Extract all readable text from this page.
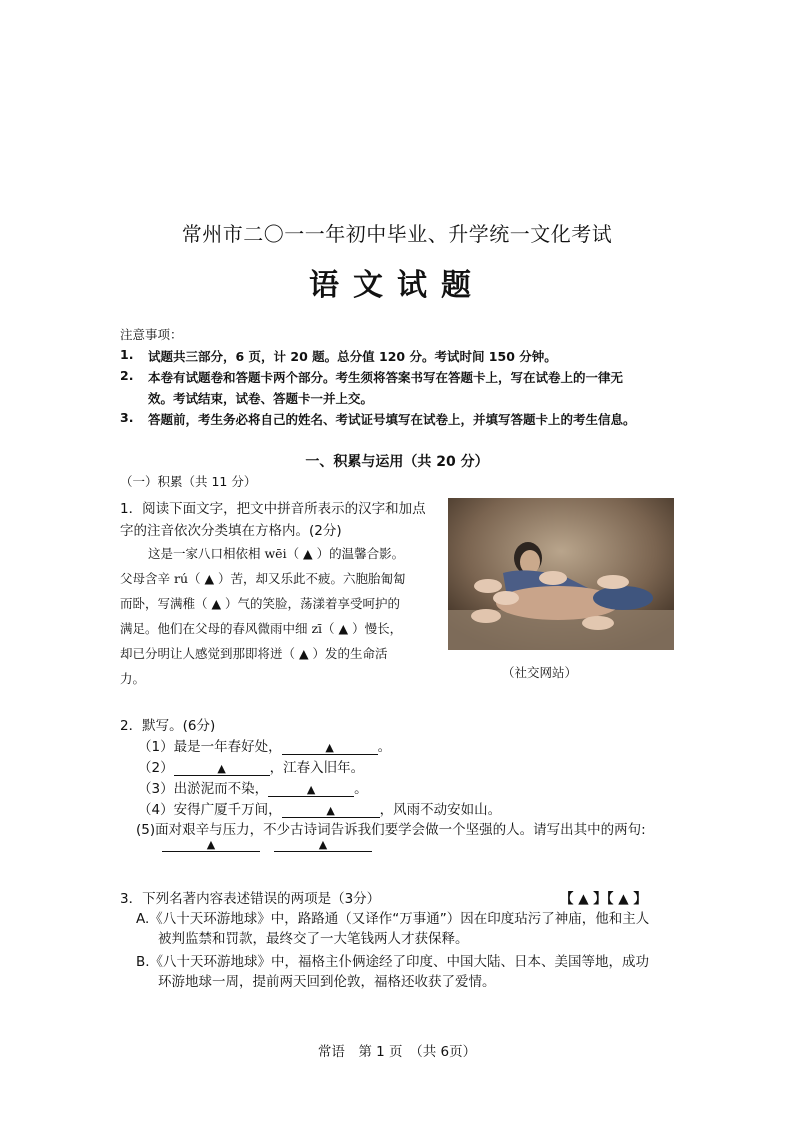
常州市二〇一一年初中毕业、升学统一文化考试
语文试题
注意事项：
1. 试题共三部分，6 页，计 20 题。总分值 120 分。考试时间 150 分钟。
2. 本卷有试题卷和答题卡两个部分。考生须将答案书写在答题卡上，写在试卷上的一律无
效。考试结束，试卷、答题卡一并上交。
3. 答题前，考生务必将自己的姓名、考试证号填写在试卷上，并填写答题卡上的考生信息。
一、积累与运用（共 20 分）
（一）积累（共 11 分）
1．阅读下面文字，把文中拼音所表示的汉字和加点
字的注音依次分类填在方格内。(2分)
这是一家八口相依相 wēi（ ▲ ）的温馨合影。
父母含辛 rú（ ▲ ）苦，却又乐此不疲。六胞胎匍匐
而卧，写满稚（ ▲ ）气的笑脸，荡漾着享受呵护的
满足。他们在父母的春风微雨中细 zī（ ▲ ）慢长，
却已分明让人感觉到那即将迸（ ▲ ）发的生命活
力。	（社交网站）
2．默写。(6分)
（1）最是一年春好处，	▲	。
（2）	▲	，江春入旧年。
（3）出淤泥而不染，	▲	。
（4）安得广厦千万间，	▲	，风雨不动安如山。
(5)面对艰辛与压力，不少古诗词告诉我们要学会做一个坚强的人。请写出其中的两句:
▲	▲
3．下列名著内容表述错误的两项是（3分）	【 ▲ 】【 ▲ 】
A.《八十天环游地球》中，路路通（又译作“万事通”）因在印度玷污了神庙，他和主人
被判监禁和罚款，最终交了一大笔钱两人才获保释。
B.《八十天环游地球》中，福格主仆俩途经了印度、中国大陆、日本、美国等地，成功
环游地球一周，提前两天回到伦敦，福格还收获了爱情。
常语　第 1 页　（共 6页）
